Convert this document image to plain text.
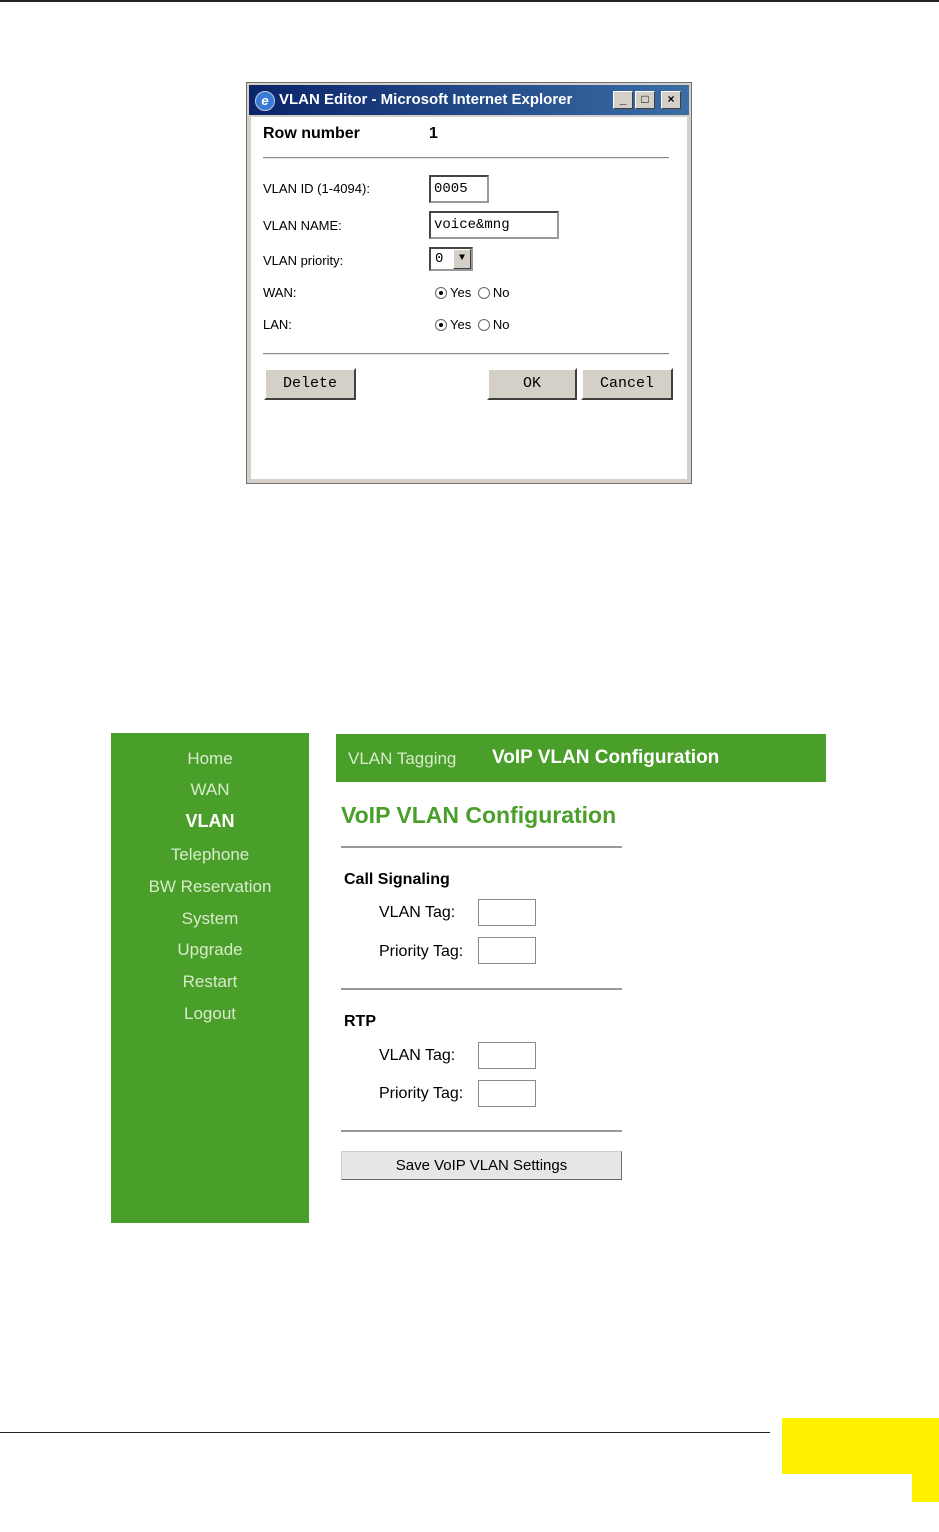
e VLAN Editor - Microsoft Internet Explorer	_	□	×
Row number	1
VLAN ID (1-4094):	0005
VLAN NAME:	voice&mng
VLAN priority:	0	▼
WAN:	Yes No
LAN:	Yes No
Delete	OK	Cancel
Home
WAN
VLAN
Telephone
BW Reservation
System
Upgrade
Restart
Logout
VLAN Tagging VoIP VLAN Configuration
VoIP VLAN Configuration
Call Signaling
VLAN Tag:
Priority Tag:
RTP
VLAN Tag:
Priority Tag:
Save VoIP VLAN Settings
